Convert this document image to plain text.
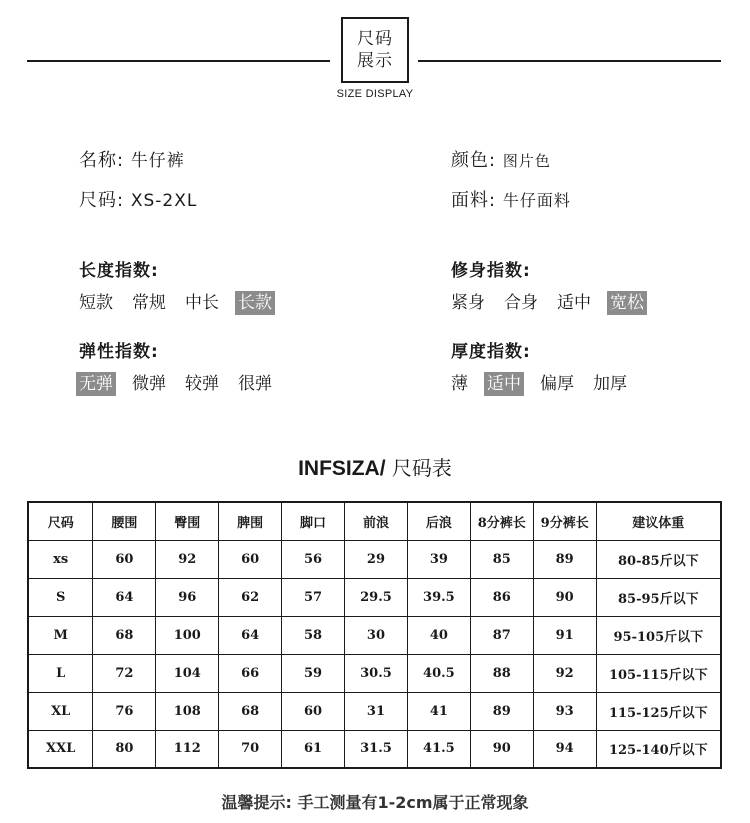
尺码
展示
SIZE DISPLAY
名称: 牛仔裤
尺码: XS-2XL
颜色: 图片色
面料: 牛仔面料
长度指数:
短款 常规 中长 长款
修身指数:
紧身 合身 适中 宽松
弹性指数:
无弹 微弹 较弹 很弹
厚度指数:
薄 适中 偏厚 加厚
INFSIZA/ 尺码表
尺码	腰围	臀围	脾围	脚口	前浪	后浪	8分裤长	9分裤长	建议体重
xs	60	92	60	56	29	39	85	89	80-85斤以下
S	64	96	62	57	29.5	39.5	86	90	85-95斤以下
M	68	100	64	58	30	40	87	91	95-105斤以下
L	72	104	66	59	30.5	40.5	88	92	105-115斤以下
XL	76	108	68	60	31	41	89	93	115-125斤以下
XXL	80	112	70	61	31.5	41.5	90	94	125-140斤以下
温馨提示: 手工测量有1-2cm属于正常现象
